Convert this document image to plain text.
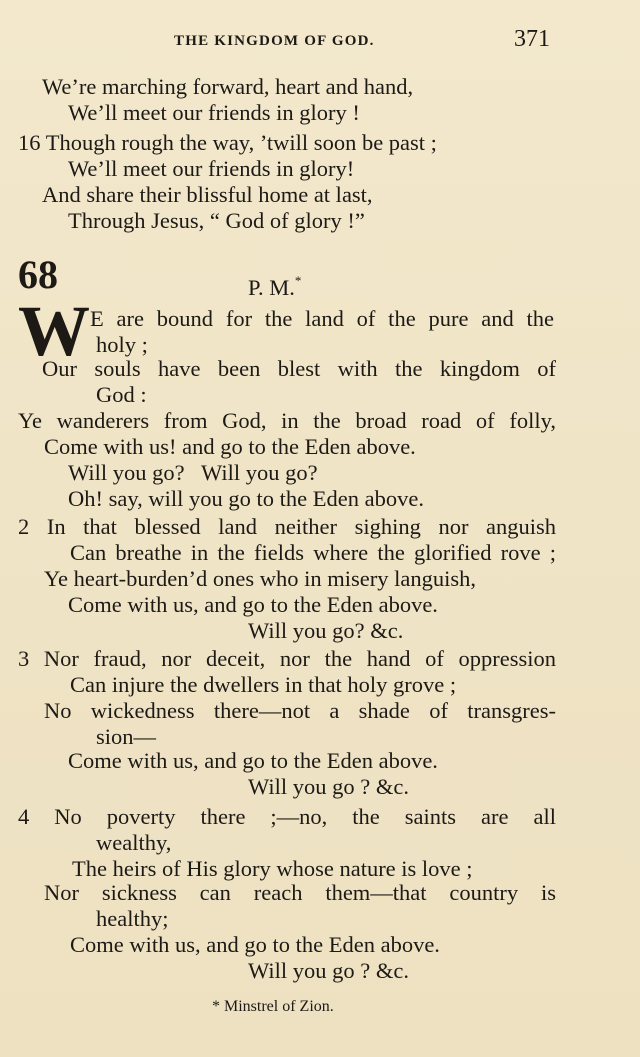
THE KINGDOM OF GOD.	371
We’re marching forward, heart and hand,
We’ll meet our friends in glory !
16 Though rough the way, ’twill soon be past ;
We’ll meet our friends in glory!
And share their blissful home at last,
Through Jesus, “ God of glory !”
68	P. M.*
W E are bound for the land of the pure and the
holy ;
Our souls have been blest with the kingdom of
God :
Ye wanderers from God, in the broad road of folly,
Come with us! and go to the Eden above.
Will you go?   Will you go?
Oh! say, will you go to the Eden above.
2 In that blessed land neither sighing nor anguish
Can breathe in the fields where the glorified rove ;
Ye heart-burden’d ones who in misery languish,
Come with us, and go to the Eden above.
Will you go? &c.
3 Nor fraud, nor deceit, nor the hand of oppression
Can injure the dwellers in that holy grove ;
No wickedness there—not a shade of transgres-
sion—
Come with us, and go to the Eden above.
Will you go ? &c.
4 No poverty there ;—no, the saints are all
wealthy,
The heirs of His glory whose nature is love ;
Nor sickness can reach them—that country is
healthy;
Come with us, and go to the Eden above.
Will you go ? &c.
* Minstrel of Zion.
